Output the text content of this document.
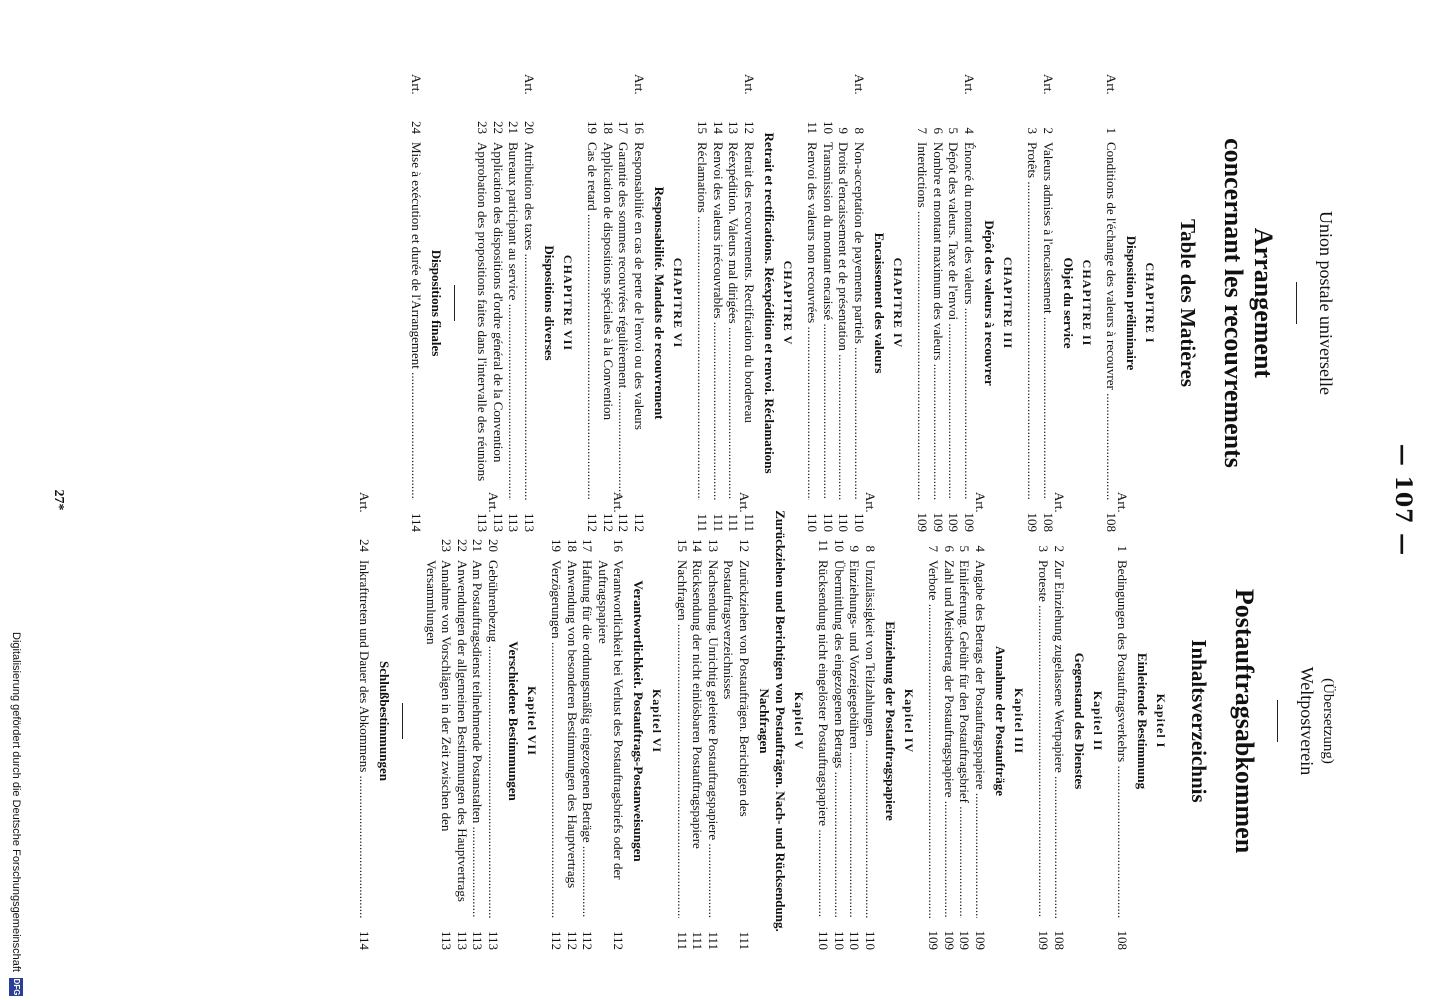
— 107 —
Union postale universelle
Arrangement
concernant les recouvrements
Table des Matières
CHAPITRE I
Disposition préliminaire
Art.
1
Conditions de l'échange des valeurs à recouvrer .....
108
CHAPITRE II
Objet du service
Art.
2
Valeurs admises à l'encaissement .....
108
3
Protêts .....
109
CHAPITRE III
Dépôt des valeurs à recouvrer
Art.
4
Énoncé du montant des valeurs .....
109
5
Dépôt des valeurs. Taxe de l'envoi .....
109
6
Nombre et montant maximum des valeurs .....
109
7
Interdictions .....
109
CHAPITRE IV
Encaissement des valeurs
Art.
8
Non-acceptation de payements partiels .....
110
9
Droits d'encaissement et de présentation .....
110
10
Transmission du montant encaissé .....
110
11
Renvoi des valeurs non recouvrées .....
110
CHAPITRE V
Retrait et rectifications. Réexpédition et renvoi. Réclamations
Art.
12
Retrait des recouvrements. Rectification du bordereau
111
13
Réexpédition. Valeurs mal dirigées .....
111
14
Renvoi des valeurs irrécouvrables .....
111
15
Réclamations .....
111
CHAPITRE VI
Responsabilité. Mandats de recouvrement
Art.
16
Responsabilité en cas de perte de l'envoi ou des valeurs
112
17
Garantie des sommes recouvrées régulièrement .....
112
18
Application de dispositions spéciales à la Convention
112
19
Cas de retard .....
112
CHAPITRE VII
Dispositions diverses
Art.
20
Attribution des taxes .....
113
21
Bureaux participant au service .....
113
22
Application des dispositions d'ordre général de la Convention
113
23
Approbation des propositions faites dans l'intervalle des réunions
113
Dispositions finales
Art.
24
Mise à exécution et durée de l'Arrangement .....
114
(Übersetzung)
Weltpostverein
Postauftragsabkommen
Inhaltsverzeichnis
Kapitel I
Einleitende Bestimmung
Art.
1
Bedingungen des Postauftragsverkehrs .....
108
Kapitel II
Gegenstand des Dienstes
Art.
2
Zur Einziehung zugelassene Wertpapiere .....
108
3
Proteste .....
109
Kapitel III
Annahme der Postaufträge
Art.
4
Angabe des Betrags der Postauftragspapiere .....
109
5
Einlieferung. Gebühr für den Postauftragsbrief .....
109
6
Zahl und Meistbetrag der Postauftragspapiere .....
109
7
Verbote .....
109
Kapitel IV
Einziehung der Postauftragspapiere
Art.
8
Unzulässigkeit von Teilzahlungen .....
110
9
Einziehungs- und Vorzeigegebühren .....
110
10
Übermittlung des eingezogenen Betrags .....
110
11
Rücksendung nicht eingelöster Postauftragspapiere .....
110
Kapitel V
Zurückziehen und Berichtigen von Postaufträgen. Nach- und Rücksendung. Nachfragen
Art.
12
Zurückziehen von Postaufträgen. Berichtigen des Postauftragsverzeichnisses
111
13
Nachsendung. Unrichtig geleitete Postauftragspapiere .....
111
14
Rücksendung der nicht einlösbaren Postauftragspapiere
111
15
Nachfragen .....
111
Kapitel VI
Verantwortlichkeit. Postauftrags-Postanweisungen
Art.
16
Verantwortlichkeit bei Verlust des Postauftragsbriefs oder der Auftragspapiere
112
17
Haftung für die ordnungsmäßig eingezogenen Beträge .....
112
18
Anwendung von besonderen Bestimmungen des Hauptvertrags
112
19
Verzögerungen .....
112
Kapitel VII
Verschiedene Bestimmungen
Art.
20
Gebührenbezug .....
113
21
Am Postauftragsdienst teilnehmende Postanstalten .....
113
22
Anwendungen der allgemeinen Bestimmungen des Hauptvertrags
113
23
Annahme von Vorschlägen in der Zeit zwischen den Versammlungen
113
Schlußbestimmungen
Art.
24
Inkrafttreten und Dauer des Abkommens .....
114
27*
Digitalisierung gefördert durch die Deutsche Forschungsgemeinschaft
DFG
